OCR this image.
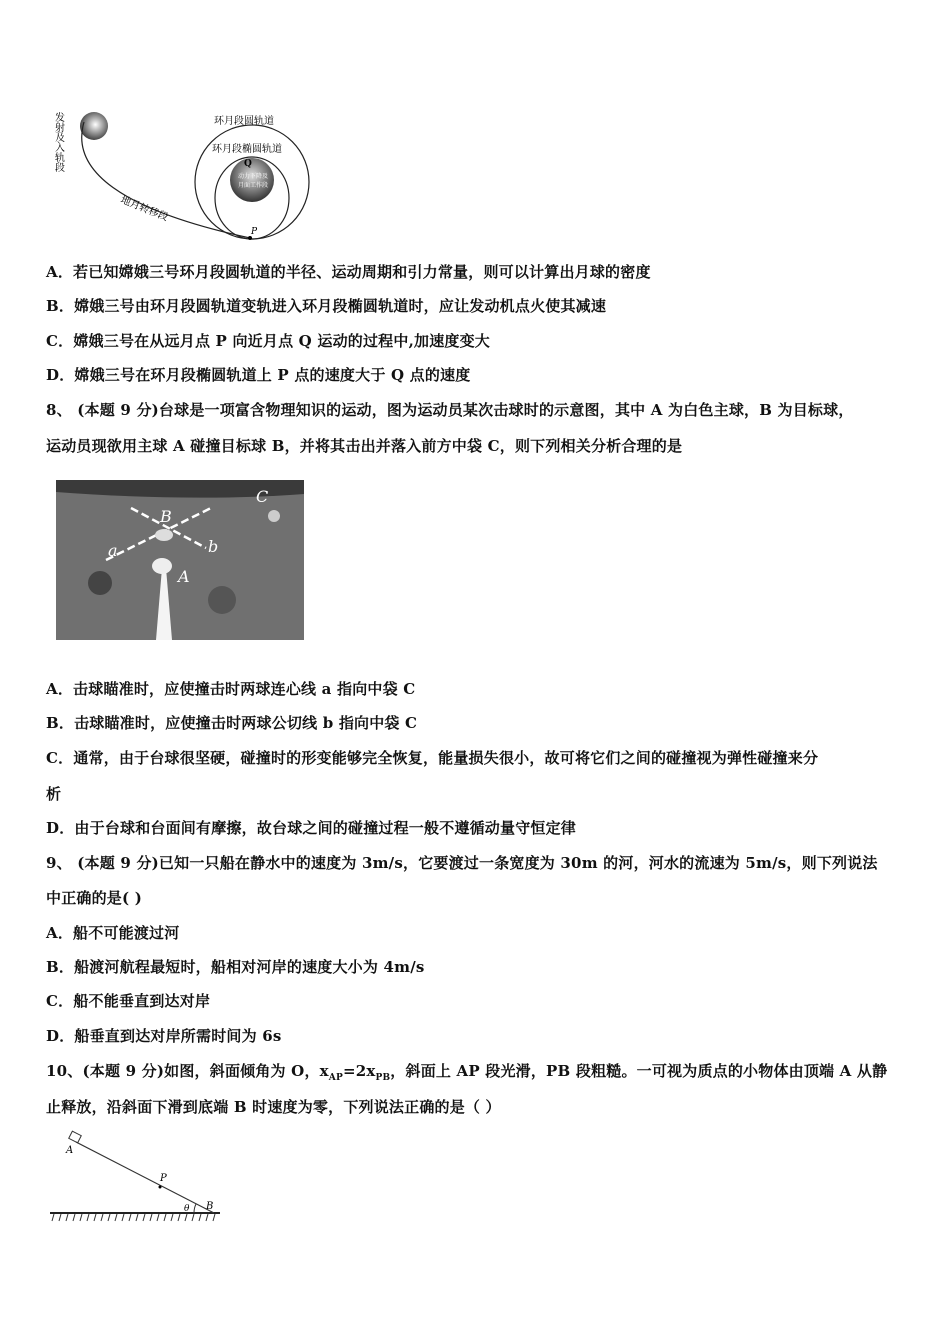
发射及入轨段
地月转移段
环月段圆轨道
环月段椭圆轨道
Q
动力下降及
月面工作段
P
A．若已知嫦娥三号环月段圆轨道的半径、运动周期和引力常量，则可以计算出月球的密度
B．嫦娥三号由环月段圆轨道变轨进入环月段椭圆轨道时，应让发动机点火使其减速
C．嫦娥三号在从远月点 P 向近月点 Q 运动的过程中,加速度变大
D．嫦娥三号在环月段椭圆轨道上 P 点的速度大于 Q 点的速度
8、 (本题 9 分)台球是一项富含物理知识的运动，图为运动员某次击球时的示意图，其中 A 为白色主球，B 为目标球，
运动员现欲用主球 A 碰撞目标球 B，并将其击出并落入前方中袋 C，则下列相关分析合理的是
a	b
A
B
C
A．击球瞄准时，应使撞击时两球连心线 a 指向中袋 C
B．击球瞄准时，应使撞击时两球公切线 b 指向中袋 C
C．通常，由于台球很坚硬，碰撞时的形变能够完全恢复，能量损失很小，故可将它们之间的碰撞视为弹性碰撞来分
析
D．由于台球和台面间有摩擦，故台球之间的碰撞过程一般不遵循动量守恒定律
9、 (本题 9 分)已知一只船在静水中的速度为 3m/s，它要渡过一条宽度为 30m 的河，河水的流速为 5m/s，则下列说法
中正确的是( )
A．船不可能渡过河
B．船渡河航程最短时，船相对河岸的速度大小为 4m/s
C．船不能垂直到达对岸
D．船垂直到达对岸所需时间为 6s
10、(本题 9 分)如图，斜面倾角为 O，$x_{AP}=2x_{PB}$，斜面上 AP 段光滑，PB 段粗糙。一可视为质点的小物体由顶端 A 从静
止释放，沿斜面下滑到底端 B 时速度为零，下列说法正确的是（ ）
A
P
B
θ
